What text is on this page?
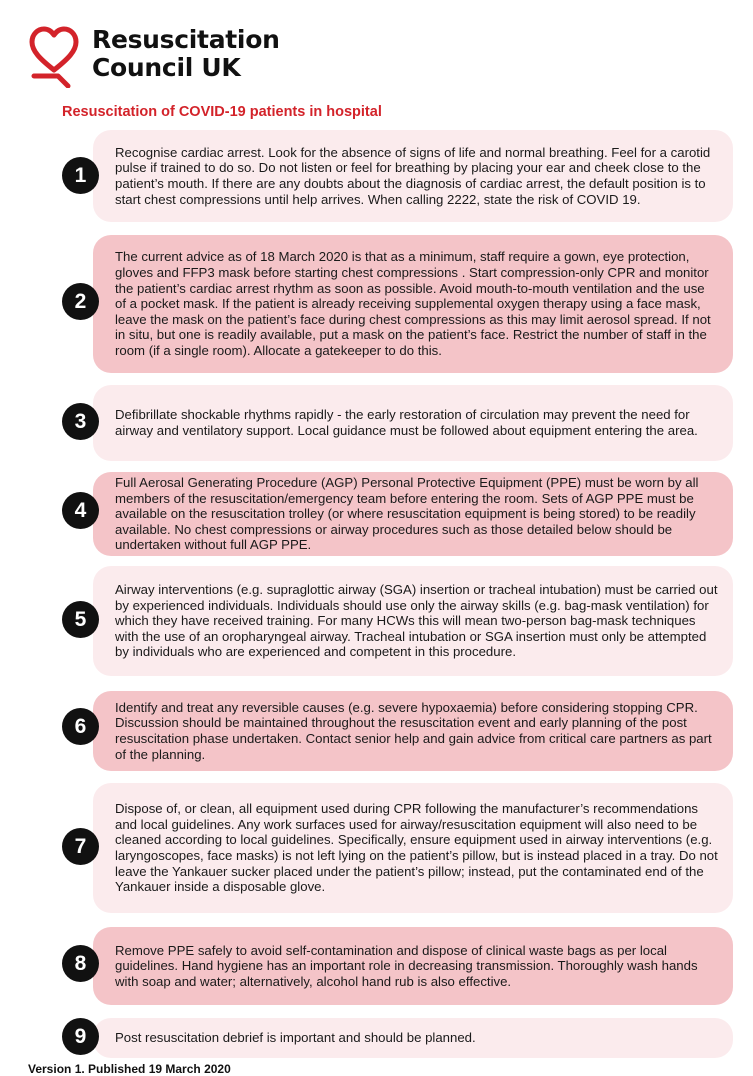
Resuscitation
Council UK
Resuscitation of COVID-19 patients in hospital
Recognise cardiac arrest. Look for the absence of signs of life and normal breathing. Feel for a carotid pulse if trained to do so. Do not listen or feel for breathing by placing your ear and cheek close to the patient’s mouth. If there are any doubts about the diagnosis of cardiac arrest, the default position is to start chest compressions until help arrives. When calling 2222, state the risk of COVID 19.
1
The current advice as of 18 March 2020 is that as a minimum, staff require a gown, eye protection, gloves and FFP3 mask before starting chest compressions . Start compression-only CPR and monitor the patient’s cardiac arrest rhythm as soon as possible. Avoid mouth-to-mouth ventilation and the use of a pocket mask. If the patient is already receiving supplemental oxygen therapy using a face mask, leave the mask on the patient’s face during chest compressions as this may limit aerosol spread. If not in situ, but one is readily available, put a mask on the patient’s face. Restrict the number of staff in the room (if a single room). Allocate a gatekeeper to do this.
2
Defibrillate shockable rhythms rapidly - the early restoration of circulation may prevent the need for airway and ventilatory support. Local guidance must be followed about equipment entering the area.
3
Full Aerosal Generating Procedure (AGP) Personal Protective Equipment (PPE) must be worn by all members of the resuscitation/emergency team before entering the room. Sets of AGP PPE must be available on the resuscitation trolley (or where resuscitation equipment is being stored) to be readily available. No chest compressions or airway procedures such as those detailed below should be undertaken without full AGP PPE.
4
Airway interventions (e.g. supraglottic airway (SGA) insertion or tracheal intubation) must be carried out by experienced individuals. Individuals should use only the airway skills (e.g. bag-mask ventilation) for which they have received training. For many HCWs this will mean two-person bag-mask techniques with the use of an oropharyngeal airway. Tracheal intubation or SGA insertion must only be attempted by individuals who are experienced and competent in this procedure.
5
Identify and treat any reversible causes (e.g. severe hypoxaemia) before considering stopping CPR. Discussion should be maintained throughout the resuscitation event and early planning of the post resuscitation phase undertaken. Contact senior help and gain advice from critical care partners as part of the planning.
6
Dispose of, or clean, all equipment used during CPR following the manufacturer’s recommendations and local guidelines. Any work surfaces used for airway/resuscitation equipment will also need to be cleaned according to local guidelines. Specifically, ensure equipment used in airway interventions (e.g. laryngoscopes, face masks) is not left lying on the patient’s pillow, but is instead placed in a tray. Do not leave the Yankauer sucker placed under the patient’s pillow; instead, put the contaminated end of the Yankauer inside a disposable glove.
7
Remove PPE safely to avoid self-contamination and dispose of clinical waste bags as per local guidelines. Hand hygiene has an important role in decreasing transmission. Thoroughly wash hands with soap and water; alternatively, alcohol hand rub is also effective.
8
Post resuscitation debrief is important and should be planned.
9
Version 1. Published 19 March 2020
